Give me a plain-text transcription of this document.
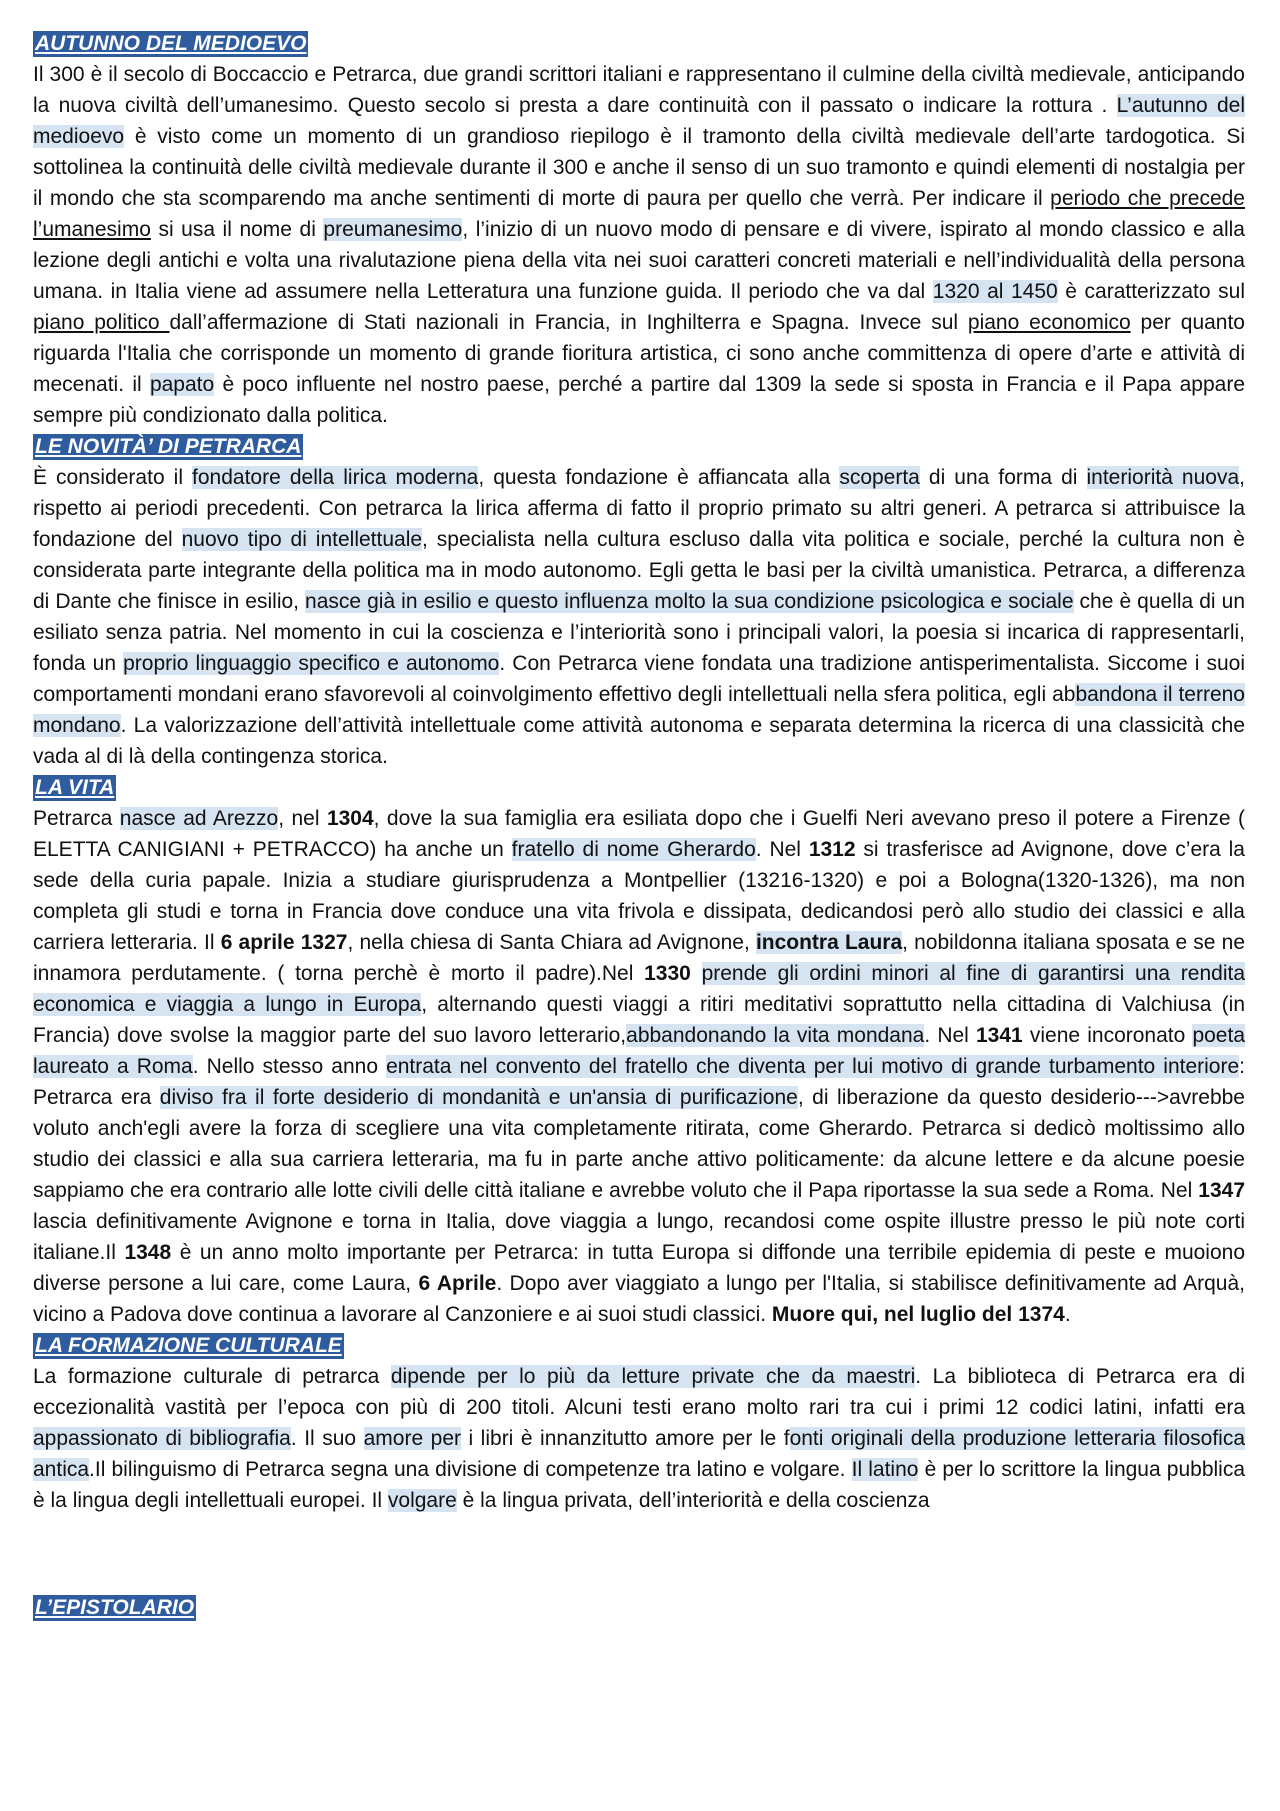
AUTUNNO DEL MEDIOEVO

Il 300 è il secolo di Boccaccio e Petrarca, due grandi scrittori italiani e rappresentano il culmine della civiltà medievale, anticipando la nuova civiltà dell’umanesimo. Questo secolo si presta a dare continuità con il passato o indicare la rottura . L’autunno del medioevo è visto come un momento di un grandioso riepilogo è il tramonto della civiltà medievale dell’arte tardogotica. Si sottolinea la continuità delle civiltà medievale durante il 300 e anche il senso di un suo tramonto e quindi elementi di nostalgia per il mondo che sta scomparendo ma anche sentimenti di morte di paura per quello che verrà. Per indicare il periodo che precede l’umanesimo si usa il nome di preumanesimo, l’inizio di un nuovo modo di pensare e di vivere, ispirato al mondo classico e alla lezione degli antichi e volta una rivalutazione piena della vita nei suoi caratteri concreti materiali e nell’individualità della persona umana. in Italia viene ad assumere nella Letteratura una funzione guida. Il periodo che va dal 1320 al 1450 è caratterizzato sul piano politico dall’affermazione di Stati nazionali in Francia, in Inghilterra e Spagna. Invece sul piano economico per quanto riguarda l'Italia che corrisponde un momento di grande fioritura artistica, ci sono anche committenza di opere d’arte e attività di mecenati. il papato è poco influente nel nostro paese, perché a partire dal 1309 la sede si sposta in Francia e il Papa appare sempre più condizionato dalla politica.

LE NOVITÀ’ DI PETRARCA

È considerato il fondatore della lirica moderna, questa fondazione è affiancata alla scoperta di una forma di interiorità nuova, rispetto ai periodi precedenti. Con petrarca la lirica afferma di fatto il proprio primato su altri generi. A petrarca si attribuisce la fondazione del nuovo tipo di intellettuale, specialista nella cultura escluso dalla vita politica e sociale, perché la cultura non è considerata parte integrante della politica ma in modo autonomo. Egli getta le basi per la civiltà umanistica. Petrarca, a differenza di Dante che finisce in esilio, nasce già in esilio e questo influenza molto la sua condizione psicologica e sociale che è quella di un esiliato senza patria. Nel momento in cui la coscienza e l’interiorità sono i principali valori, la poesia si incarica di rappresentarli, fonda un proprio linguaggio specifico e autonomo. Con Petrarca viene fondata una tradizione antisperimentalista. Siccome i suoi comportamenti mondani erano sfavorevoli al coinvolgimento effettivo degli intellettuali nella sfera politica, egli abbandona il terreno mondano. La valorizzazione dell’attività intellettuale come attività autonoma e separata determina la ricerca di una classicità che vada al di là della contingenza storica.

LA VITA

Petrarca nasce ad Arezzo, nel 1304, dove la sua famiglia era esiliata dopo che i Guelfi Neri avevano preso il potere a Firenze ( ELETTA CANIGIANI + PETRACCO) ha anche un fratello di nome Gherardo. Nel 1312 si trasferisce ad Avignone, dove c’era la sede della curia papale. Inizia a studiare giurisprudenza a Montpellier (13216-1320) e poi a Bologna(1320-1326), ma non completa gli studi e torna in Francia dove conduce una vita frivola e dissipata, dedicandosi però allo studio dei classici e alla carriera letteraria. Il 6 aprile 1327, nella chiesa di Santa Chiara ad Avignone, incontra Laura, nobildonna italiana sposata e se ne innamora perdutamente. ( torna perchè è morto il padre).Nel 1330 prende gli ordini minori al fine di garantirsi una rendita economica e viaggia a lungo in Europa, alternando questi viaggi a ritiri meditativi soprattutto nella cittadina di Valchiusa (in Francia) dove svolse la maggior parte del suo lavoro letterario,abbandonando la vita mondana. Nel 1341 viene incoronato poeta laureato a Roma. Nello stesso anno entrata nel convento del fratello che diventa per lui motivo di grande turbamento interiore: Petrarca era diviso fra il forte desiderio di mondanità e un'ansia di purificazione, di liberazione da questo desiderio--->avrebbe voluto anch'egli avere la forza di scegliere una vita completamente ritirata, come Gherardo. Petrarca si dedicò moltissimo allo studio dei classici e alla sua carriera letteraria, ma fu in parte anche attivo politicamente: da alcune lettere e da alcune poesie sappiamo che era contrario alle lotte civili delle città italiane e avrebbe voluto che il Papa riportasse la sua sede a Roma. Nel 1347 lascia definitivamente Avignone e torna in Italia, dove viaggia a lungo, recandosi come ospite illustre presso le più note corti italiane.Il 1348 è un anno molto importante per Petrarca: in tutta Europa si diffonde una terribile epidemia di peste e muoiono diverse persone a lui care, come Laura, 6 Aprile. Dopo aver viaggiato a lungo per l'Italia, si stabilisce definitivamente ad Arquà, vicino a Padova dove continua a lavorare al Canzoniere e ai suoi studi classici. Muore qui, nel luglio del 1374.

LA FORMAZIONE CULTURALE

La formazione culturale di petrarca dipende per lo più da letture private che da maestri. La biblioteca di Petrarca era di eccezionalità vastità per l’epoca con più di 200 titoli. Alcuni testi erano molto rari tra cui i primi 12 codici latini, infatti era appassionato di bibliografia. Il suo amore per i libri è innanzitutto amore per le fonti originali della produzione letteraria filosofica antica.Il bilinguismo di Petrarca segna una divisione di competenze tra latino e volgare. Il latino è per lo scrittore la lingua pubblica è la lingua degli intellettuali europei. Il volgare è la lingua privata, dell’interiorità e della coscienza

L’EPISTOLARIO
